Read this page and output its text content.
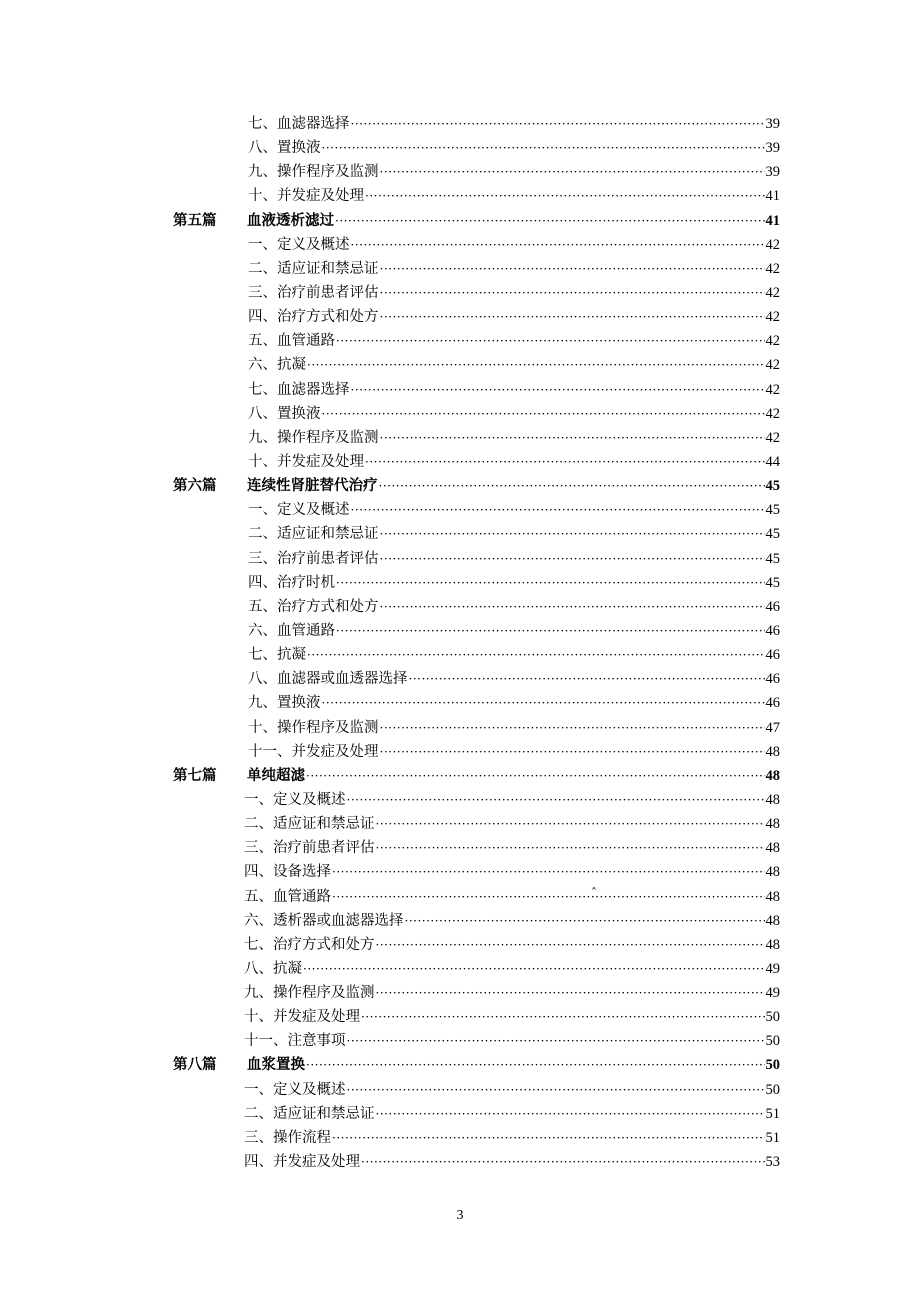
七、血滤器选择 ·····	39
八、置换液 ·····	39
九、操作程序及监测 ·····	39
十、并发症及处理 ·····	41
第五篇 血液透析滤过 ·····	41
一、定义及概述 ·····	42
二、适应证和禁忌证 ·····	42
三、治疗前患者评估 ·····	42
四、治疗方式和处方 ·····	42
五、血管通路 ·····	42
六、抗凝 ·····	42
七、血滤器选择 ·····	42
八、置换液 ·····	42
九、操作程序及监测 ·····	42
十、并发症及处理 ·····	44
第六篇 连续性肾脏替代治疗 ·····	45
一、定义及概述 ·····	45
二、适应证和禁忌证 ·····	45
三、治疗前患者评估 ·····	45
四、治疗时机 ·····	45
五、治疗方式和处方 ·····	46
六、血管通路 ·····	46
七、抗凝 ·····	46
八、血滤器或血透器选择 ·····	46
九、置换液 ·····	46
十、操作程序及监测 ·····	47
十一、并发症及处理 ·····	48
第七篇 单纯超滤 ·····	48
一、定义及概述 ·····	48
二、适应证和禁忌证 ·····	48
三、治疗前患者评估 ·····	48
四、设备选择 ·····	48
五、血管通路 ·····	48
ˆ
六、透析器或血滤器选择 ·····	48
七、治疗方式和处方 ·····	48
八、抗凝 ·····	49
九、操作程序及监测 ·····	49
十、并发症及处理 ·····	50
十一、注意事项 ·····	50
第八篇 血浆置换 ·····	50
一、定义及概述 ·····	50
二、适应证和禁忌证 ·····	51
三、操作流程 ·····	51
四、并发症及处理 ·····	53
3
